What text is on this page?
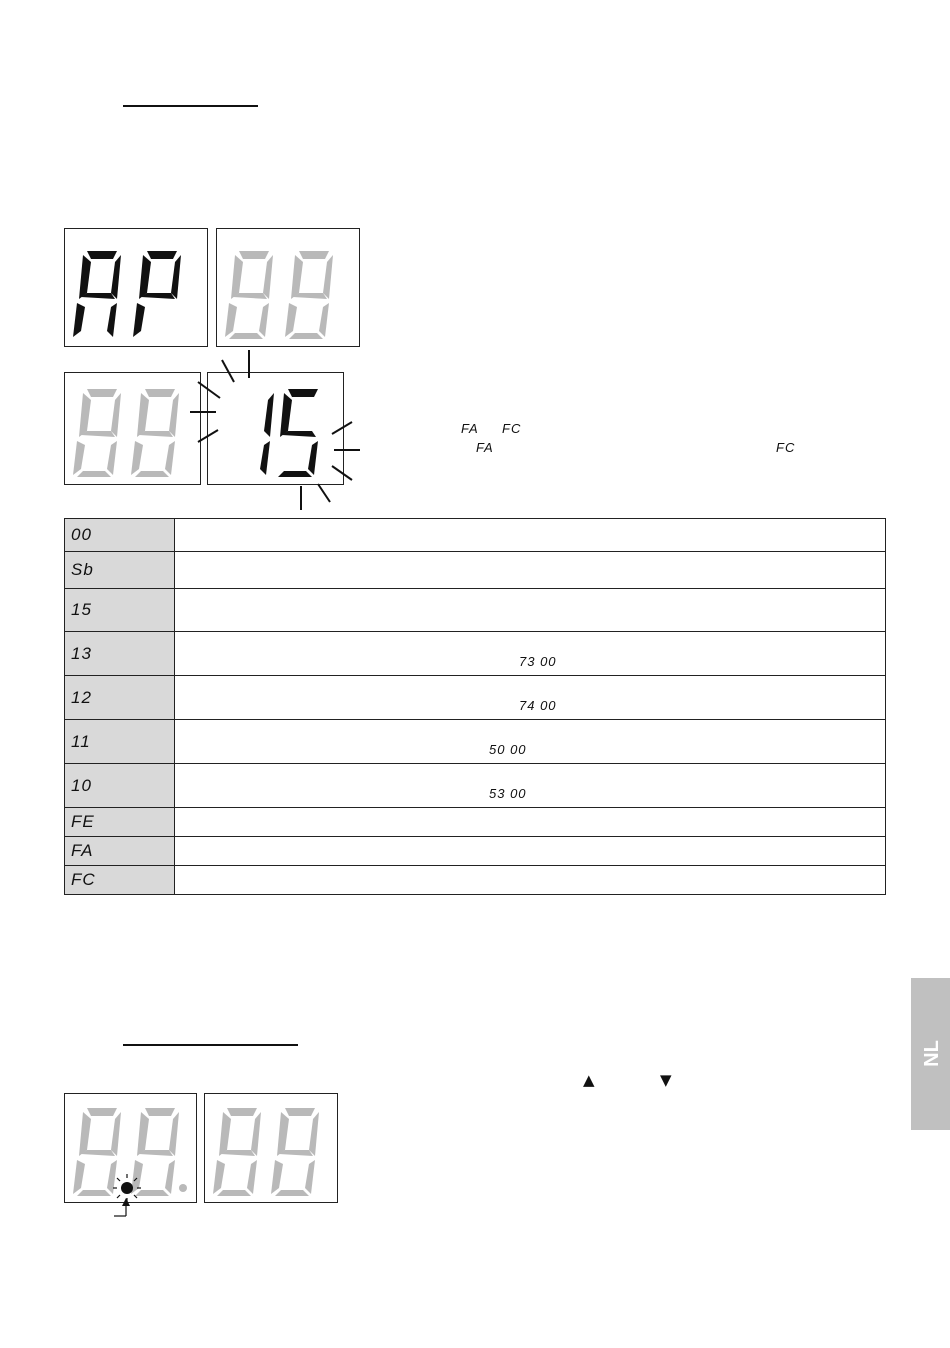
FA FC
FA	FC
00	
Sb	
15	
13	73 00

12	74 00

11	50 00

10	53 00

FE	
FA	
FC	
▲	▼
NL
